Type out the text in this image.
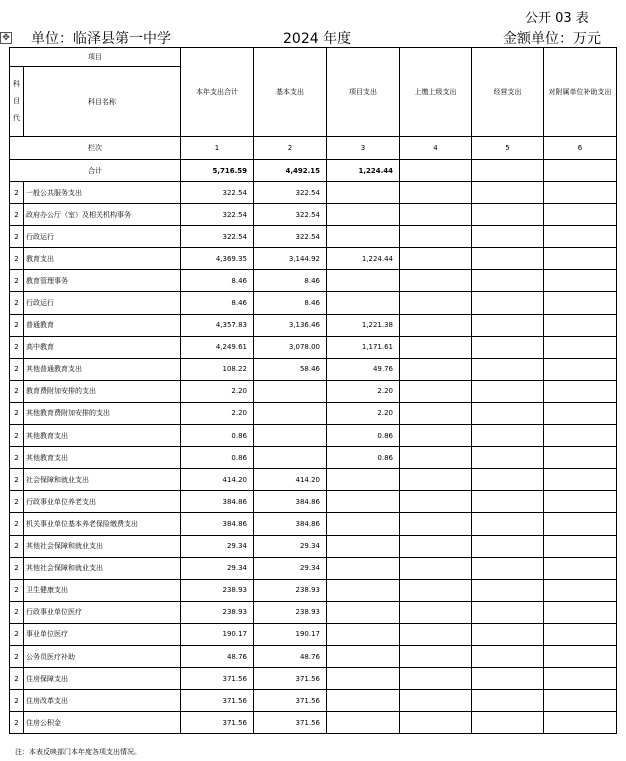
公开 03 表
✥ 单位：临泽县第一中学	2024 年度	金额单位：万元
项目		本年支出合计	基本支出	项目支出	上缴上级支出	经营支出	对附属单位补助支出

科
目
代	科目名称						
栏次		1	2	3	4	5	6
合计		5,716.59	4,492.15	1,224.44			
2	一般公共服务支出	322.54	322.54				
2	政府办公厅（室）及相关机构事务	322.54	322.54				
2	行政运行	322.54	322.54				
2	教育支出	4,369.35	3,144.92	1,224.44			
2	教育管理事务	8.46	8.46				
2	行政运行	8.46	8.46				
2	普通教育	4,357.83	3,136.46	1,221.38			
2	高中教育	4,249.61	3,078.00	1,171.61			
2	其他普通教育支出	108.22	58.46	49.76			
2	教育费附加安排的支出	2.20		2.20			
2	其他教育费附加安排的支出	2.20		2.20			
2	其他教育支出	0.86		0.86			
2	其他教育支出	0.86		0.86			
2	社会保障和就业支出	414.20	414.20				
2	行政事业单位养老支出	384.86	384.86				
2	机关事业单位基本养老保险缴费支出	384.86	384.86				
2	其他社会保障和就业支出	29.34	29.34				
2	其他社会保障和就业支出	29.34	29.34				
2	卫生健康支出	238.93	238.93				
2	行政事业单位医疗	238.93	238.93				
2	事业单位医疗	190.17	190.17				
2	公务员医疗补助	48.76	48.76				
2	住房保障支出	371.56	371.56				
2	住房改革支出	371.56	371.56				
2	住房公积金	371.56	371.56				
注：本表反映部门本年度各项支出情况。
